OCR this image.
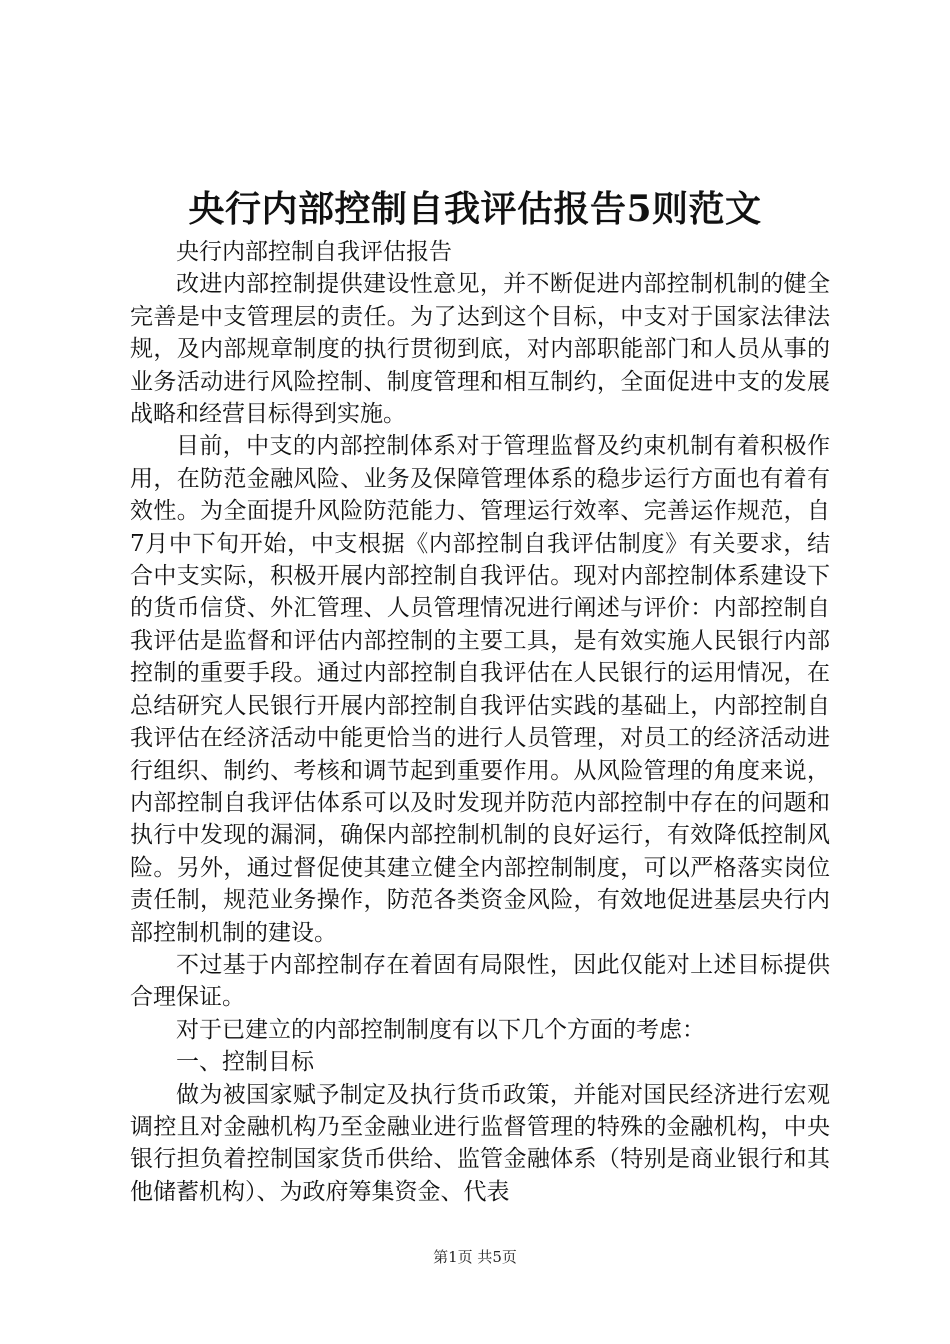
央行内部控制自我评估报告5则范文

央行内部控制自我评估报告

改进内部控制提供建设性意见，并不断促进内部控制机制的健全完善是中支管理层的责任。为了达到这个目标，中支对于国家法律法规，及内部规章制度的执行贯彻到底，对内部职能部门和人员从事的业务活动进行风险控制、制度管理和相互制约，全面促进中支的发展战略和经营目标得到实施。

目前，中支的内部控制体系对于管理监督及约束机制有着积极作用，在防范金融风险、业务及保障管理体系的稳步运行方面也有着有效性。为全面提升风险防范能力、管理运行效率、完善运作规范，自7月中下旬开始，中支根据《内部控制自我评估制度》有关要求，结合中支实际，积极开展内部控制自我评估。现对内部控制体系建设下的货币信贷、外汇管理、人员管理情况进行阐述与评价：内部控制自我评估是监督和评估内部控制的主要工具，是有效实施人民银行内部控制的重要手段。通过内部控制自我评估在人民银行的运用情况，在总结研究人民银行开展内部控制自我评估实践的基础上，内部控制自我评估在经济活动中能更恰当的进行人员管理，对员工的经济活动进行组织、制约、考核和调节起到重要作用。从风险管理的角度来说，内部控制自我评估体系可以及时发现并防范内部控制中存在的问题和执行中发现的漏洞，确保内部控制机制的良好运行，有效降低控制风险。另外，通过督促使其建立健全内部控制制度，可以严格落实岗位责任制，规范业务操作，防范各类资金风险，有效地促进基层央行内部控制机制的建设。

不过基于内部控制存在着固有局限性，因此仅能对上述目标提供合理保证。

对于已建立的内部控制制度有以下几个方面的考虑：

一、控制目标

做为被国家赋予制定及执行货币政策，并能对国民经济进行宏观调控且对金融机构乃至金融业进行监督管理的特殊的金融机构，中央银行担负着控制国家货币供给、监管金融体系（特别是商业银行和其他储蓄机构）、为政府筹集资金、代表

第1页 共5页
